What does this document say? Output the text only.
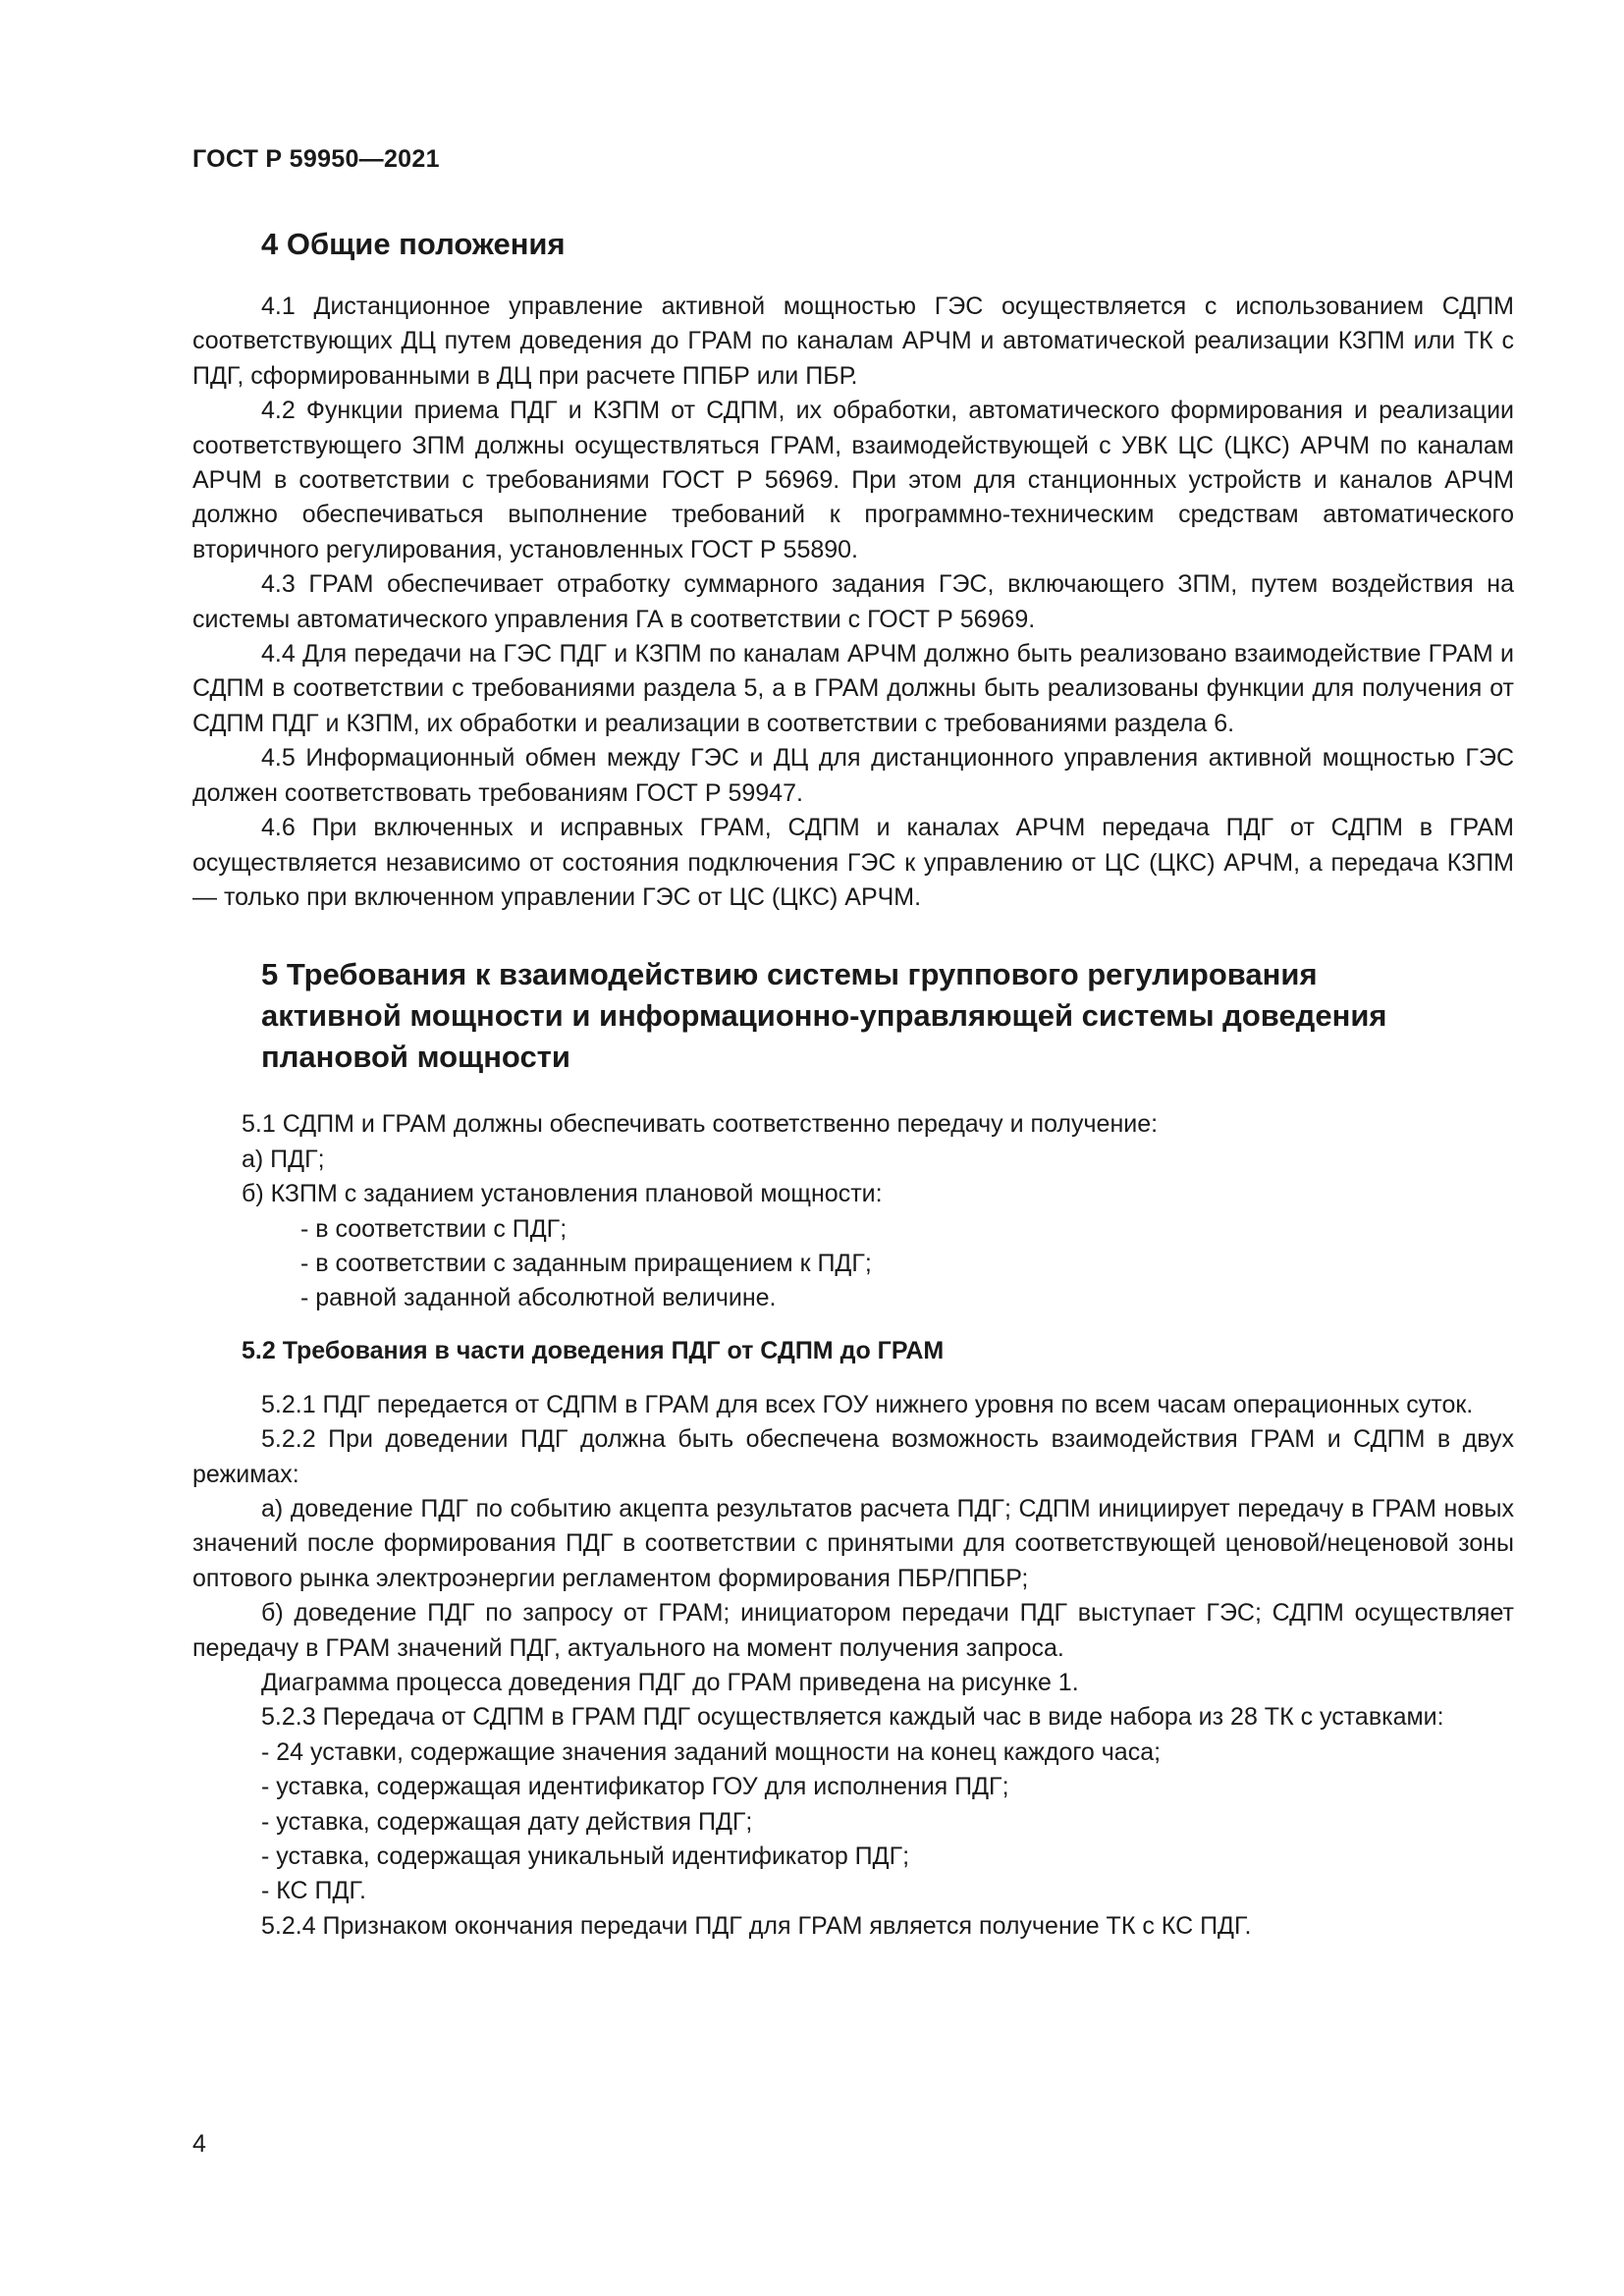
ГОСТ Р 59950—2021
4 Общие положения

4.1 Дистанционное управление активной мощностью ГЭС осуществляется с использованием СДПМ соответствующих ДЦ путем доведения до ГРАМ по каналам АРЧМ и автоматической реализации КЗПМ или ТК с ПДГ, сформированными в ДЦ при расчете ППБР или ПБР.

4.2 Функции приема ПДГ и КЗПМ от СДПМ, их обработки, автоматического формирования и реализации соответствующего ЗПМ должны осуществляться ГРАМ, взаимодействующей с УВК ЦС (ЦКС) АРЧМ по каналам АРЧМ в соответствии с требованиями ГОСТ Р 56969. При этом для станционных устройств и каналов АРЧМ должно обеспечиваться выполнение требований к программно-техническим средствам автоматического вторичного регулирования, установленных ГОСТ Р 55890.

4.3 ГРАМ обеспечивает отработку суммарного задания ГЭС, включающего ЗПМ, путем воздействия на системы автоматического управления ГА в соответствии с ГОСТ Р 56969.

4.4 Для передачи на ГЭС ПДГ и КЗПМ по каналам АРЧМ должно быть реализовано взаимодействие ГРАМ и СДПМ в соответствии с требованиями раздела 5, а в ГРАМ должны быть реализованы функции для получения от СДПМ ПДГ и КЗПМ, их обработки и реализации в соответствии с требованиями раздела 6.

4.5 Информационный обмен между ГЭС и ДЦ для дистанционного управления активной мощностью ГЭС должен соответствовать требованиям ГОСТ Р 59947.

4.6 При включенных и исправных ГРАМ, СДПМ и каналах АРЧМ передача ПДГ от СДПМ в ГРАМ осуществляется независимо от состояния подключения ГЭС к управлению от ЦС (ЦКС) АРЧМ, а передача КЗПМ — только при включенном управлении ГЭС от ЦС (ЦКС) АРЧМ.

5 Требования к взаимодействию системы группового регулирования
активной мощности и информационно-управляющей системы доведения
плановой мощности

5.1 СДПМ и ГРАМ должны обеспечивать соответственно передачу и получение:

а) ПДГ;

б) КЗПМ с заданием установления плановой мощности:

- в соответствии с ПДГ;

- в соответствии с заданным приращением к ПДГ;

- равной заданной абсолютной величине.

5.2 Требования в части доведения ПДГ от СДПМ до ГРАМ

5.2.1 ПДГ передается от СДПМ в ГРАМ для всех ГОУ нижнего уровня по всем часам операционных суток.

5.2.2 При доведении ПДГ должна быть обеспечена возможность взаимодействия ГРАМ и СДПМ в двух режимах:

а) доведение ПДГ по событию акцепта результатов расчета ПДГ; СДПМ инициирует передачу в ГРАМ новых значений после формирования ПДГ в соответствии с принятыми для соответствующей ценовой/неценовой зоны оптового рынка электроэнергии регламентом формирования ПБР/ППБР;

б) доведение ПДГ по запросу от ГРАМ; инициатором передачи ПДГ выступает ГЭС; СДПМ осуществляет передачу в ГРАМ значений ПДГ, актуального на момент получения запроса.

Диаграмма процесса доведения ПДГ до ГРАМ приведена на рисунке 1.

5.2.3 Передача от СДПМ в ГРАМ ПДГ осуществляется каждый час в виде набора из 28 ТК с уставками:

- 24 уставки, содержащие значения заданий мощности на конец каждого часа;

- уставка, содержащая идентификатор ГОУ для исполнения ПДГ;

- уставка, содержащая дату действия ПДГ;

- уставка, содержащая уникальный идентификатор ПДГ;

- КС ПДГ.

5.2.4 Признаком окончания передачи ПДГ для ГРАМ является получение ТК с КС ПДГ.

4
